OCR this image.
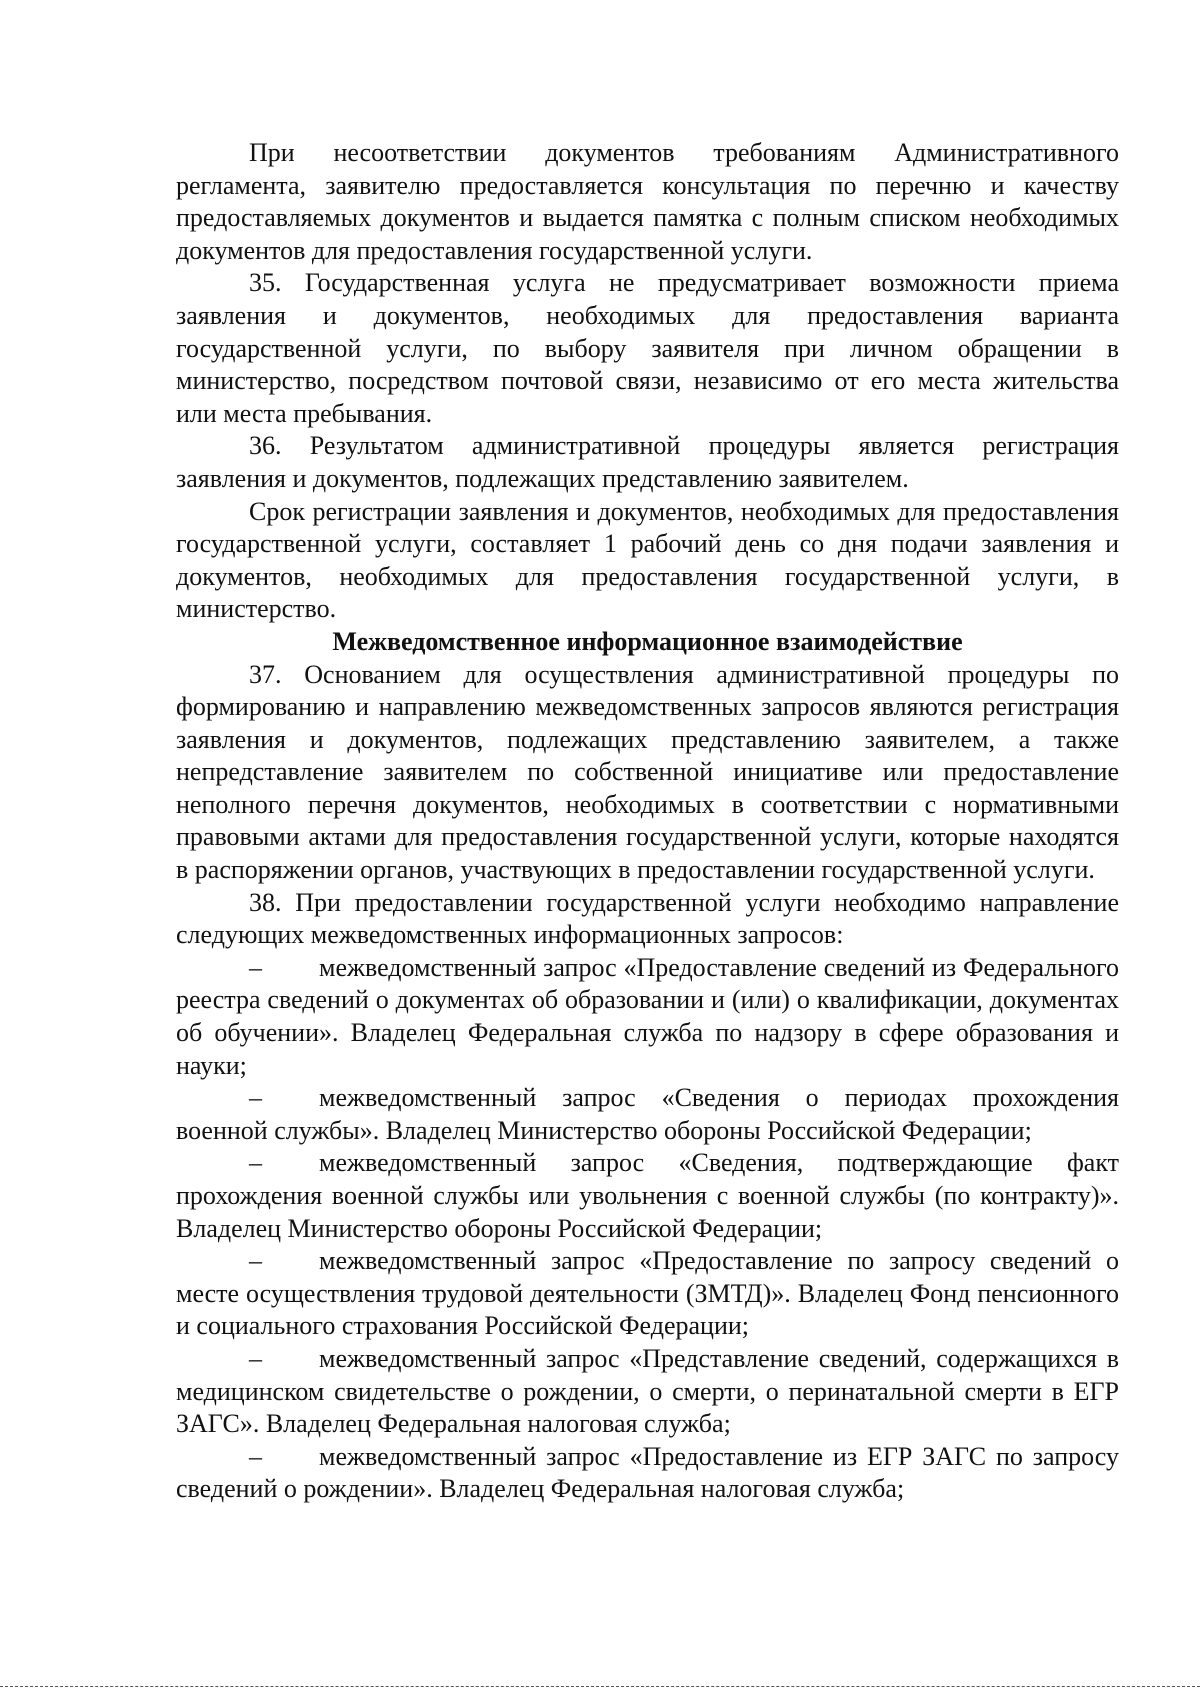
При несоответствии документов требованиям Административного регламента, заявителю предоставляется консультация по перечню и качеству предоставляемых документов и выдается памятка с полным списком необходимых документов для предоставления государственной услуги.

35. Государственная услуга не предусматривает возможности приема заявления и документов, необходимых для предоставления варианта государственной услуги, по выбору заявителя при личном обращении в министерство, посредством почтовой связи, независимо от его места жительства или места пребывания.

36. Результатом административной процедуры является регистрация заявления и документов, подлежащих представлению заявителем.

Срок регистрации заявления и документов, необходимых для предоставления государственной услуги, составляет 1 рабочий день со дня подачи заявления и документов, необходимых для предоставления государственной услуги, в министерство.

Межведомственное информационное взаимодействие

37. Основанием для осуществления административной процедуры по формированию и направлению межведомственных запросов являются регистрация заявления и документов, подлежащих представлению заявителем, а также непредставление заявителем по собственной инициативе или предоставление неполного перечня документов, необходимых в соответствии с нормативными правовыми актами для предоставления государственной услуги, которые находятся в распоряжении органов, участвующих в предоставлении государственной услуги.

38. При предоставлении государственной услуги необходимо направление следующих межведомственных информационных запросов:

– межведомственный запрос «Предоставление сведений из Федерального реестра сведений о документах об образовании и (или) о квалификации, документах об обучении». Владелец Федеральная служба по надзору в сфере образования и науки;

– межведомственный запрос «Сведения о периодах прохождения военной службы». Владелец Министерство обороны Российской Федерации;

– межведомственный запрос «Сведения, подтверждающие факт прохождения военной службы или увольнения с военной службы (по контракту)». Владелец Министерство обороны Российской Федерации;

– межведомственный запрос «Предоставление по запросу сведений о месте осуществления трудовой деятельности (ЗМТД)». Владелец Фонд пенсионного и социального страхования Российской Федерации;

– межведомственный запрос «Представление сведений, содержащихся в медицинском свидетельстве о рождении, о смерти, о перинатальной смерти в ЕГР ЗАГС». Владелец Федеральная налоговая служба;

– межведомственный запрос «Предоставление из ЕГР ЗАГС по запросу сведений о рождении». Владелец Федеральная налоговая служба;
